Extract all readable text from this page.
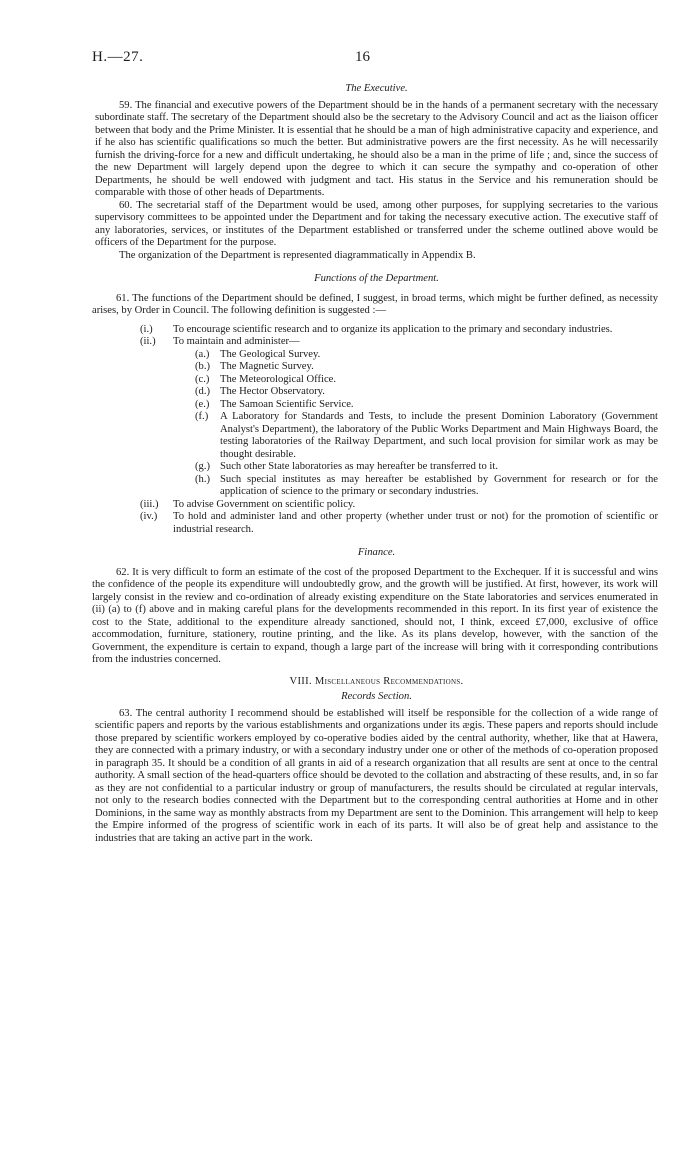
H.—27.	16
The Executive.

59. The financial and executive powers of the Department should be in the hands of a permanent secretary with the necessary subordinate staff. The secretary of the Department should also be the secretary to the Advisory Council and act as the liaison officer between that body and the Prime Minister. It is essential that he should be a man of high administrative capacity and experience, and if he also has scientific qualifications so much the better. But administrative powers are the first necessity. As he will necessarily furnish the driving-force for a new and difficult undertaking, he should also be a man in the prime of life ; and, since the success of the new Department will largely depend upon the degree to which it can secure the sympathy and co-operation of other Departments, he should be well endowed with judgment and tact. His status in the Service and his remuneration should be comparable with those of other heads of Departments.

60. The secretarial staff of the Department would be used, among other purposes, for supplying secretaries to the various supervisory committees to be appointed under the Department and for taking the necessary executive action. The executive staff of any laboratories, services, or institutes of the Department established or transferred under the scheme outlined above would be officers of the Department for the purpose.

The organization of the Department is represented diagrammatically in Appendix B.

Functions of the Department.

61. The functions of the Department should be defined, I suggest, in broad terms, which might be further defined, as necessity arises, by Order in Council. The following definition is suggested :—

(i.)	To encourage scientific research and to organize its application to the primary and secondary industries.
(ii.)	To maintain and administer—
(a.) The Geological Survey.
(b.) The Magnetic Survey.
(c.) The Meteorological Office.
(d.) The Hector Observatory.
(e.) The Samoan Scientific Service.
(f.)	A Laboratory for Standards and Tests, to include the present Dominion Laboratory (Government Analyst's Department), the laboratory of the Public Works Department and Main Highways Board, the testing laboratories of the Railway Department, and such local provision for similar work as may be thought desirable.
(g.) Such other State laboratories as may hereafter be transferred to it.
(h.) Such special institutes as may hereafter be established by Government for research or for the application of science to the primary or secondary industries.
(iii.)	To advise Government on scientific policy.
(iv.)	To hold and administer land and other property (whether under trust or not) for the promotion of scientific or industrial research.
Finance.

62. It is very difficult to form an estimate of the cost of the proposed Department to the Exchequer. If it is successful and wins the confidence of the people its expenditure will undoubtedly grow, and the growth will be justified. At first, however, its work will largely consist in the review and co-ordination of already existing expenditure on the State laboratories and services enumerated in (ii) (a) to (f) above and in making careful plans for the developments recommended in this report. In its first year of existence the cost to the State, additional to the expenditure already sanctioned, should not, I think, exceed £7,000, exclusive of office accommodation, furniture, stationery, routine printing, and the like. As its plans develop, however, with the sanction of the Government, the expenditure is certain to expand, though a large part of the increase will bring with it corresponding contributions from the industries concerned.

VIII. Miscellaneous Recommendations.
Records Section.

63. The central authority I recommend should be established will itself be responsible for the collection of a wide range of scientific papers and reports by the various establishments and organizations under its ægis. These papers and reports should include those prepared by scientific workers employed by co-operative bodies aided by the central authority, whether, like that at Hawera, they are connected with a primary industry, or with a secondary industry under one or other of the methods of co-operation proposed in paragraph 35. It should be a condition of all grants in aid of a research organization that all results are sent at once to the central authority. A small section of the head-quarters office should be devoted to the collation and abstracting of these results, and, in so far as they are not confidential to a particular industry or group of manufacturers, the results should be circulated at regular intervals, not only to the research bodies connected with the Department but to the corresponding central authorities at Home and in other Dominions, in the same way as monthly abstracts from my Department are sent to the Dominion. This arrangement will help to keep the Empire informed of the progress of scientific work in each of its parts. It will also be of great help and assistance to the industries that are taking an active part in the work.
